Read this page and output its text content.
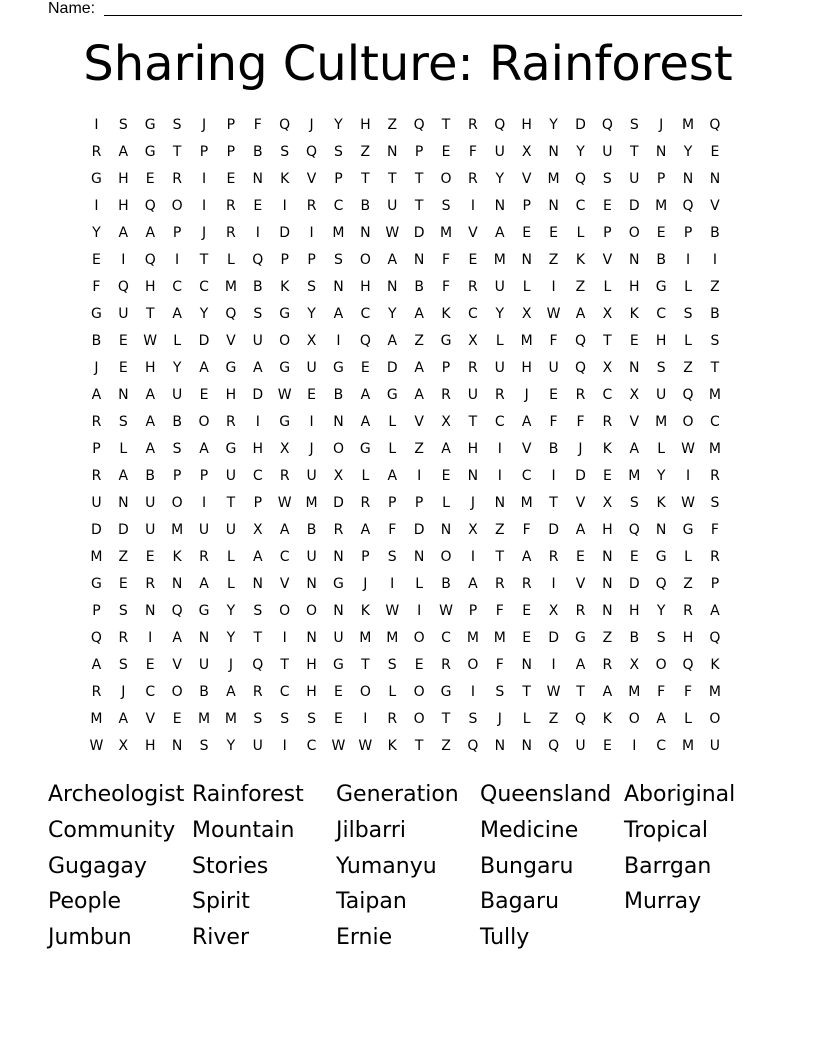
Name:
Sharing Culture: Rainforest
I	S	G	S	J	P	F	Q	J	Y	H	Z	Q	T	R	Q	H	Y	D	Q	S	J	M	Q
R	A	G	T	P	P	B	S	Q	S	Z	N	P	E	F	U	X	N	Y	U	T	N	Y	E
G	H	E	R	I	E	N	K	V	P	T	T	T	O	R	Y	V	M	Q	S	U	P	N	N
I	H	Q	O	I	R	E	I	R	C	B	U	T	S	I	N	P	N	C	E	D	M	Q	V
Y	A	A	P	J	R	I	D	I	M	N	W	D	M	V	A	E	E	L	P	O	E	P	B
E	I	Q	I	T	L	Q	P	P	S	O	A	N	F	E	M	N	Z	K	V	N	B	I	I
F	Q	H	C	C	M	B	K	S	N	H	N	B	F	R	U	L	I	Z	L	H	G	L	Z
G	U	T	A	Y	Q	S	G	Y	A	C	Y	A	K	C	Y	X	W	A	X	K	C	S	B
B	E	W	L	D	V	U	O	X	I	Q	A	Z	G	X	L	M	F	Q	T	E	H	L	S
J	E	H	Y	A	G	A	G	U	G	E	D	A	P	R	U	H	U	Q	X	N	S	Z	T
A	N	A	U	E	H	D	W	E	B	A	G	A	R	U	R	J	E	R	C	X	U	Q	M
R	S	A	B	O	R	I	G	I	N	A	L	V	X	T	C	A	F	F	R	V	M	O	C
P	L	A	S	A	G	H	X	J	O	G	L	Z	A	H	I	V	B	J	K	A	L	W M
R	A	B	P	P	U	C	R	U	X	L	A	I	E	N	I	C	I	D	E	M	Y	I	R
U	N	U	O	I	T	P	W M	D	R	P	P	L	J	N	M	T	V	X	S	K	W	S
D	D	U	M	U	U	X	A	B	R	A	F	D	N	X	Z	F	D	A	H	Q	N	G	F
M	Z	E	K	R	L	A	C	U	N	P	S	N	O	I	T	A	R	E	N	E	G	L	R
G	E	R	N	A	L	N	V	N	G	J	I	L	B	A	R	R	I	V	N	D	Q	Z	P
P	S	N	Q	G	Y	S	O	O	N	K	W	I	W	P	F	E	X	R	N	H	Y	R	A
Q	R	I	A	N	Y	T	I	N	U	M	M	O	C	M	M	E	D	G	Z	B	S	H	Q
A	S	E	V	U	J	Q	T	H	G	T	S	E	R	O	F	N	I	A	R	X	O	Q	K
R	J	C	O	B	A	R	C	H	E	O	L	O	G	I	S	T	W	T	A	M	F	F	M
M	A	V	E	M	M	S	S	S	E	I	R	O	T	S	J	L	Z	Q	K	O	A	L	O
W	X	H	N	S	Y	U	I	C	W W	K	T	Z	Q	N	N	Q	U	E	I	C	M	U
Archeologist Rainforest	Generation Queensland Aboriginal
Community Mountain	Jilbarri	Medicine	Tropical
Gugagay	Stories	Yumanyu	Bungaru	Barrgan
People	Spirit	Taipan	Bagaru	Murray
Jumbun	River	Ernie	Tully
